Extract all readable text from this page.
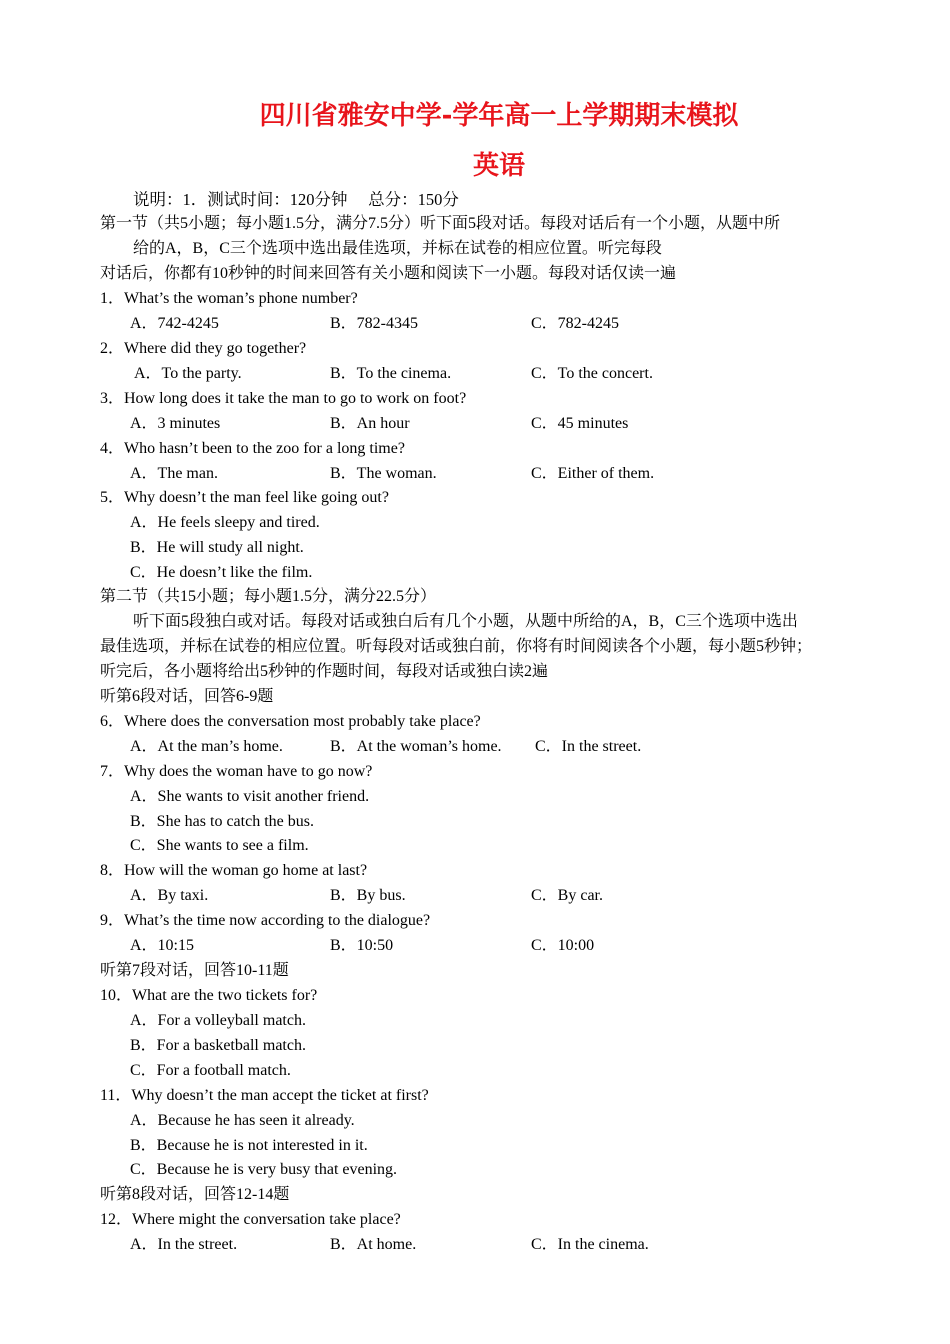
四川省雅安中学-学年高一上学期期末模拟
英语
说明：1．测试时间：120分钟　 总分：150分
第一节（共5小题；每小题1.5分，满分7.5分）听下面5段对话。每段对话后有一个小题，从题中所
给的A，B，C三个选项中选出最佳选项，并标在试卷的相应位置。听完每段
对话后，你都有10秒钟的时间来回答有关小题和阅读下一小题。每段对话仅读一遍
1．What’s the woman’s phone number?
A．742-4245	B．782-4345	C．782-4245
2．Where did they go together?
A．To the party.	B．To the cinema.	C．To the concert.
3．How long does it take the man to go to work on foot?
A．3 minutes	B．An hour	C．45 minutes
4．Who hasn’t been to the zoo for a long time?
A．The man.	B．The woman.	C．Either of them.
5．Why doesn’t the man feel like going out?
A．He feels sleepy and tired.
B．He will study all night.
C．He doesn’t like the film.
第二节（共15小题；每小题1.5分，满分22.5分）
听下面5段独白或对话。每段对话或独白后有几个小题，从题中所给的A，B，C三个选项中选出
最佳选项，并标在试卷的相应位置。听每段对话或独白前，你将有时间阅读各个小题，每小题5秒钟；
听完后，各小题将给出5秒钟的作题时间，每段对话或独白读2遍
听第6段对话，回答6-9题
6．Where does the conversation most probably take place?
A．At the man’s home.	B．At the woman’s home. C．In the street.
7．Why does the woman have to go now?
A．She wants to visit another friend.
B．She has to catch the bus.
C．She wants to see a film.
8．How will the woman go home at last?
A．By taxi.	B．By bus.	C．By car.
9．What’s the time now according to the dialogue?
A．10:15	B．10:50	C．10:00
听第7段对话，回答10-11题
10．What are the two tickets for?
A．For a volleyball match.
B．For a basketball match.
C．For a football match.
11．Why doesn’t the man accept the ticket at first?
A．Because he has seen it already.
B．Because he is not interested in it.
C．Because he is very busy that evening.
听第8段对话，回答12-14题
12．Where might the conversation take place?
A．In the street.	B．At home.	C．In the cinema.
